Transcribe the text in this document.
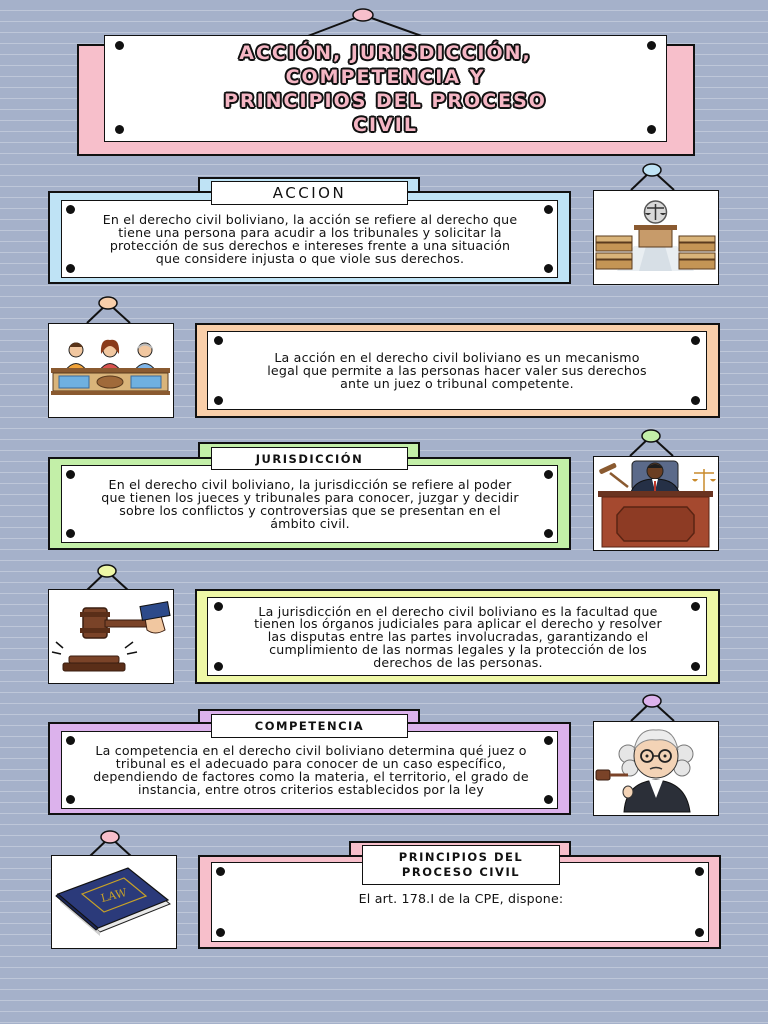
ACCIÓN, JURISDICCIÓN,
COMPETENCIA Y
PRINCIPIOS DEL PROCESO
CIVIL
En el derecho civil boliviano, la acción se refiere al derecho que tiene una persona para acudir a los tribunales y solicitar la protección de sus derechos e intereses frente a una situación que considere injusta o que viole sus derechos.
ACCION
La acción en el derecho civil boliviano es un mecanismo legal que permite a las personas hacer valer sus derechos ante un juez o tribunal competente.
En el derecho civil boliviano, la jurisdicción se refiere al poder que tienen los jueces y tribunales para conocer, juzgar y decidir sobre los conflictos y controversias que se presentan en el ámbito civil.
JURISDICCIÓN
La jurisdicción en el derecho civil boliviano es la facultad que tienen los órganos judiciales para aplicar el derecho y resolver las disputas entre las partes involucradas, garantizando el cumplimiento de las normas legales y la protección de los derechos de las personas.
La competencia en el derecho civil boliviano determina qué juez o tribunal es el adecuado para conocer de un caso específico, dependiendo de factores como la materia, el territorio, el grado de instancia, entre otros criterios establecidos por la ley
COMPETENCIA
LAW	El art. 178.I de la CPE, dispone:
PRINCIPIOS DEL
PROCESO CIVIL
